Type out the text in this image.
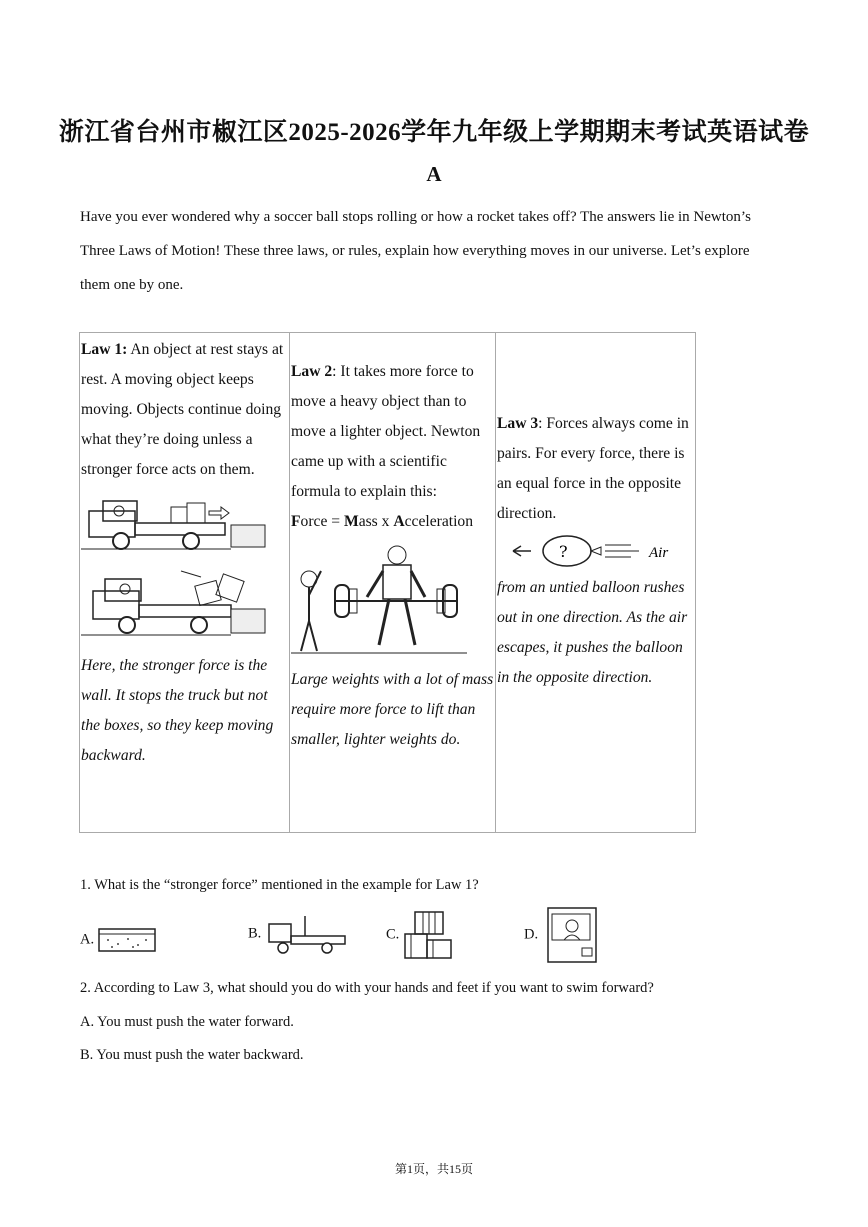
浙江省台州市椒江区2025-2026学年九年级上学期期末考试英语试卷
A
Have you ever wondered why a soccer ball stops rolling or how a rocket takes off? The answers lie in Newton’s Three Laws of Motion! These three laws, or rules, explain how everything moves in our universe. Let’s explore them one by one.
Law 1: An object at rest stays at rest. A moving object keeps moving. Objects continue doing what they’re doing unless a stronger force acts on them.
Here, the stronger force is the wall. It stops the truck but not the boxes, so they keep moving backward.

Law 2: It takes more force to move a heavy object than to move a lighter object. Newton came up with a scientific formula to explain this:
Force = Mass x Acceleration
Large weights with a lot of mass require more force to lift than smaller, lighter weights do.

Law 3: Forces always come in pairs. For every force, there is an equal force in the opposite direction.
?	Air
from an untied balloon rushes out in one direction. As the air escapes, it pushes the balloon in the opposite direction.
1. What is the “stronger force” mentioned in the example for Law 1?
A.	B.	C.	D.
2. According to Law 3, what should you do with your hands and feet if you want to swim forward?
A. You must push the water forward.
B. You must push the water backward.
第1页，共15页
